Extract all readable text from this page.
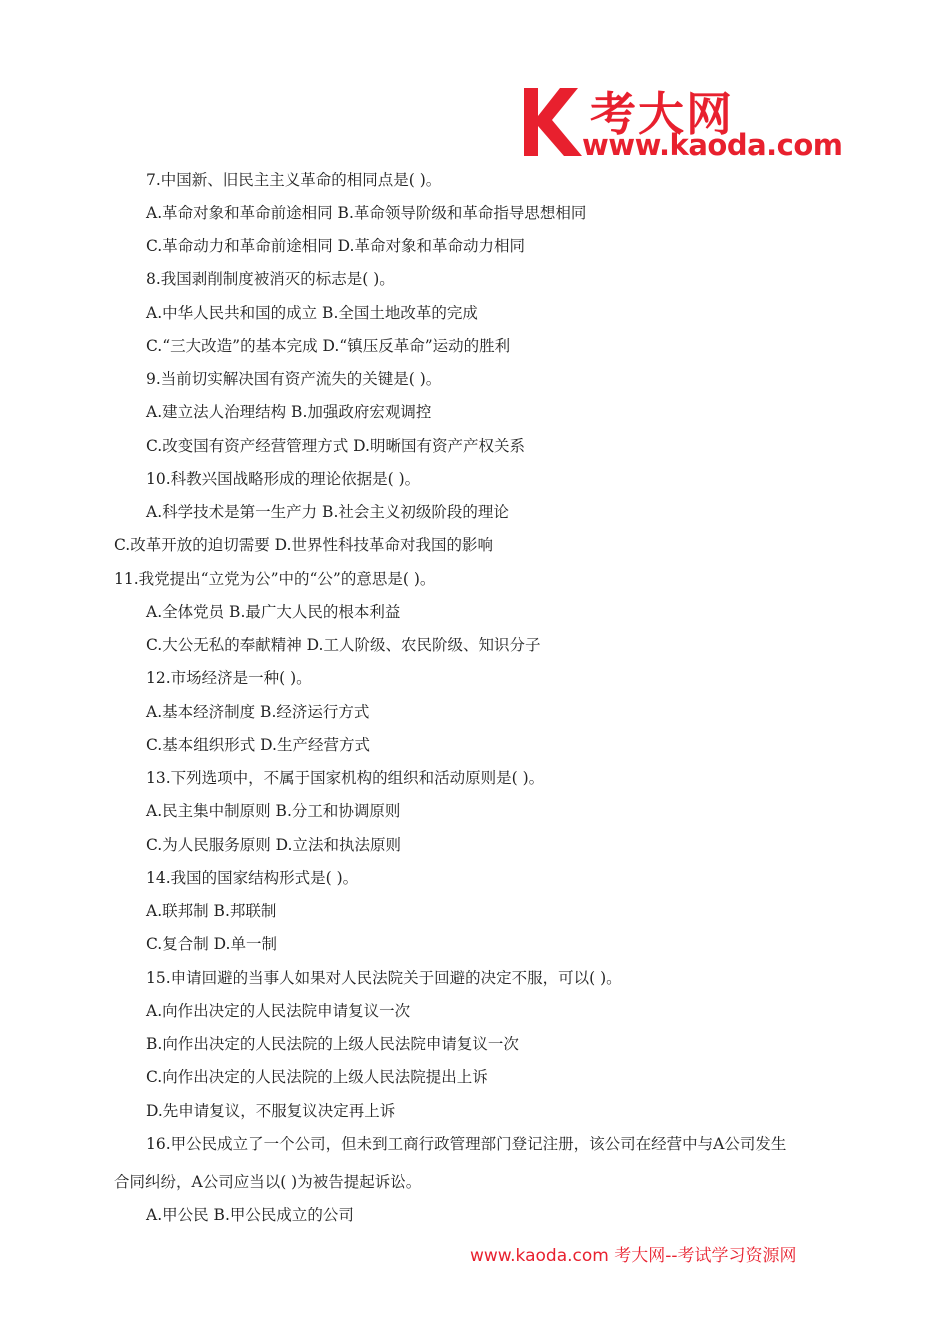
考大网
www.kaoda.com
7.中国新、旧民主主义革命的相同点是( )。
A.革命对象和革命前途相同 B.革命领导阶级和革命指导思想相同
C.革命动力和革命前途相同 D.革命对象和革命动力相同
8.我国剥削制度被消灭的标志是( )。
A.中华人民共和国的成立 B.全国土地改革的完成
C.“三大改造”的基本完成 D.“镇压反革命”运动的胜利
9.当前切实解决国有资产流失的关键是( )。
A.建立法人治理结构 B.加强政府宏观调控
C.改变国有资产经营管理方式 D.明晰国有资产产权关系
10.科教兴国战略形成的理论依据是( )。
A.科学技术是第一生产力 B.社会主义初级阶段的理论
C.改革开放的迫切需要 D.世界性科技革命对我国的影响
11.我党提出“立党为公”中的“公”的意思是( )。
A.全体党员 B.最广大人民的根本利益
C.大公无私的奉献精神 D.工人阶级、农民阶级、知识分子
12.市场经济是一种( )。
A.基本经济制度 B.经济运行方式
C.基本组织形式 D.生产经营方式
13.下列选项中，不属于国家机构的组织和活动原则是( )。
A.民主集中制原则 B.分工和协调原则
C.为人民服务原则 D.立法和执法原则
14.我国的国家结构形式是( )。
A.联邦制 B.邦联制
C.复合制 D.单一制
15.申请回避的当事人如果对人民法院关于回避的决定不服，可以( )。
A.向作出决定的人民法院申请复议一次
B.向作出决定的人民法院的上级人民法院申请复议一次
C.向作出决定的人民法院的上级人民法院提出上诉
D.先申请复议，不服复议决定再上诉
16.甲公民成立了一个公司，但未到工商行政管理部门登记注册，该公司在经营中与A公司发生
合同纠纷，A公司应当以( )为被告提起诉讼。
A.甲公民 B.甲公民成立的公司
www.kaoda.com 考大网--考试学习资源网
